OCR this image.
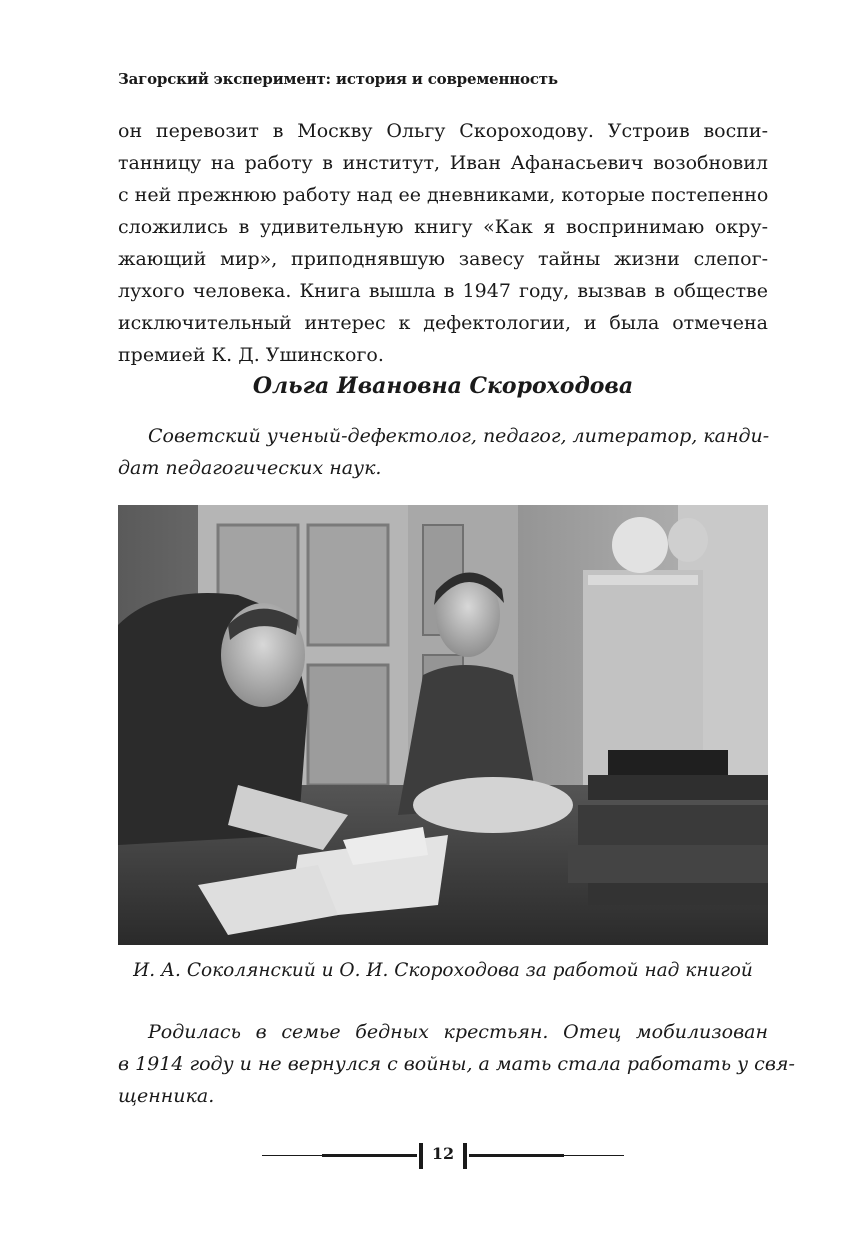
Загорский эксперимент: история и современность
он перевозит в Москву Ольгу Скороходову. Устроив воспи-
танницу на работу в институт, Иван Афанасьевич возобновил
с ней прежнюю работу над ее дневниками, которые постепенно
сложились в удивительную книгу «Как я воспринимаю окру-
жающий мир», приподнявшую завесу тайны жизни слепог-
лухого человека. Книга вышла в 1947 году, вызвав в обществе
исключительный интерес к дефектологии, и была отмечена
премией К. Д. Ушинского.
Ольга Ивановна Скороходова
Советский ученый-дефектолог, педагог, литератор, канди-
дат педагогических наук.

И. А. Соколянский и О. И. Скороходова за работой над книгой

Родилась в семье бедных крестьян. Отец мобилизован
в 1914 году и не вернулся с войны, а мать стала работать у свя-
щенника.
12
